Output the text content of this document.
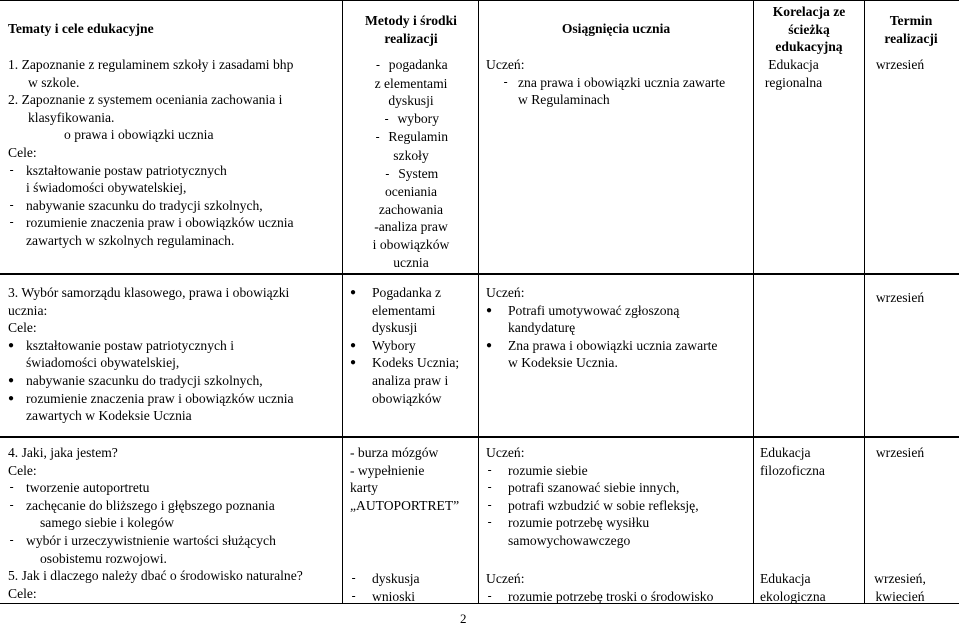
Tematy i cele edukacyjne
Metody i środki realizacji
Osiągnięcia ucznia
Korelacja ze ścieżką edukacyjną
Termin realizacji
1. Zapoznanie z regulaminem szkoły i zasadami bhp
w szkole.
2. Zapoznanie z systemem oceniania zachowania i
klasyfikowania.
o prawa i obowiązki ucznia
Cele:
- kształtowanie postaw patriotycznych
i świadomości obywatelskiej,
- nabywanie szacunku do tradycji szkolnych,
- rozumienie znaczenia praw i obowiązków ucznia
zawartych w szkolnych regulaminach.
- pogadanka
z elementami
dyskusji
- wybory
- Regulamin
szkoły
- System
oceniania
zachowania
-analiza praw
i obowiązków
ucznia
Uczeń:
- zna prawa i obowiązki ucznia zawarte
w Regulaminach
Edukacja
regionalna
wrzesień
3. Wybór samorządu klasowego, prawa i obowiązki
ucznia:
Cele:
● kształtowanie postaw patriotycznych i
świadomości obywatelskiej,
● nabywanie szacunku do tradycji szkolnych,
● rozumienie znaczenia praw i obowiązków ucznia
zawartych w Kodeksie Ucznia
● Pogadanka z
elementami
dyskusji
● Wybory
● Kodeks Ucznia;
analiza praw i
obowiązków
Uczeń:
● Potrafi umotywować zgłoszoną
kandydaturę
● Zna prawa i obowiązki ucznia zawarte
w Kodeksie Ucznia.
wrzesień
4. Jaki, jaka jestem?
Cele:
- tworzenie autoportretu
- zachęcanie do bliższego i głębszego poznania
samego siebie i kolegów
- wybór i urzeczywistnienie wartości służących
osobistemu rozwojowi.
5. Jak i dlaczego należy dbać o środowisko naturalne?
Cele:
- burza mózgów
- wypełnienie
karty
„AUTOPORTRET”
- dyskusja
- wnioski
Uczeń:
- rozumie siebie
- potrafi szanować siebie innych,
- potrafi wzbudzić w sobie refleksję,
- rozumie potrzebę wysiłku
samowychowawczego
Uczeń:
- rozumie potrzebę troski o środowisko
Edukacja
filozoficzna
Edukacja
ekologiczna
wrzesień
wrzesień,
kwiecień
2
